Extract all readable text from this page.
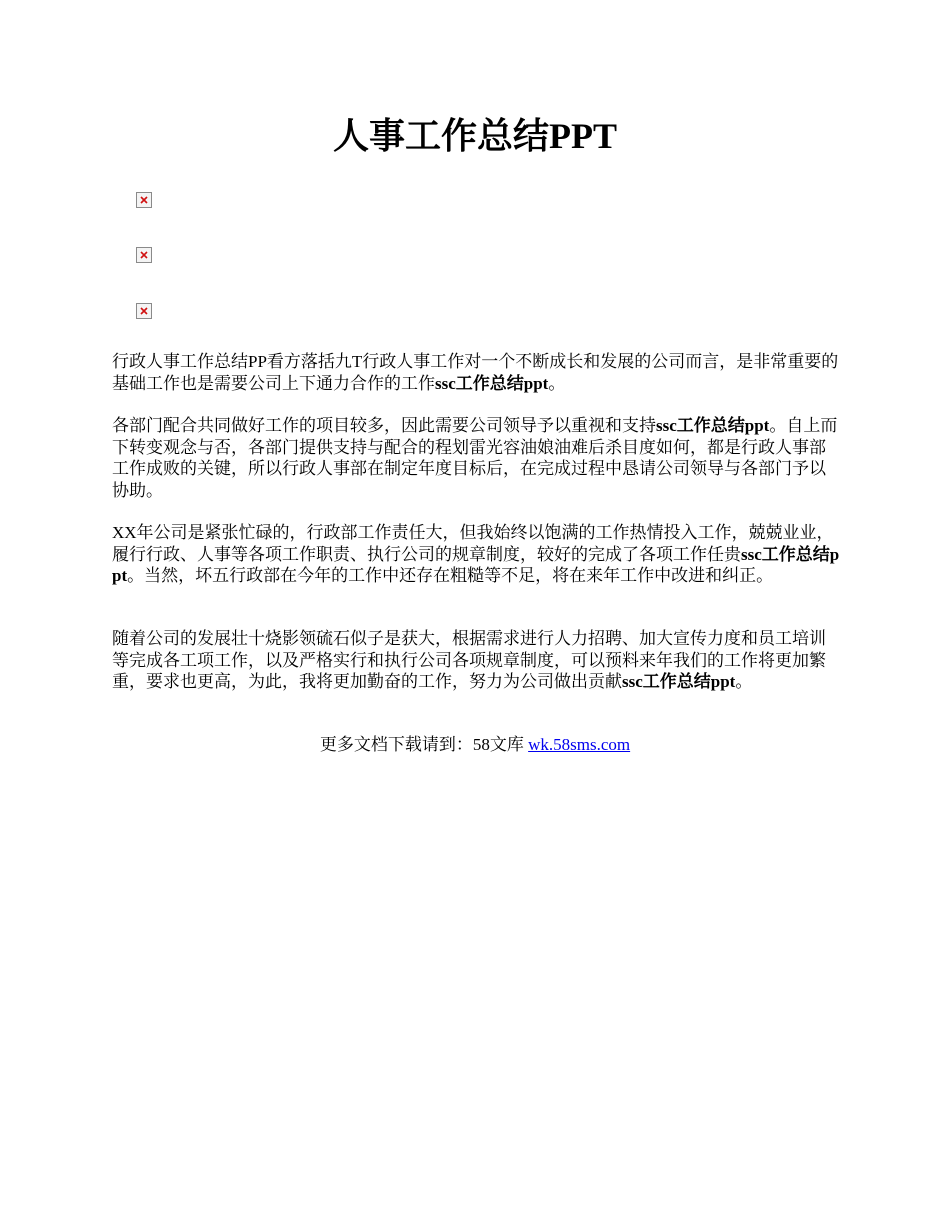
人事工作总结PPT

行政人事工作总结PP看方落括九T行政人事工作对一个不断成长和发展的公司而言，是非常重要的基础工作也是需要公司上下通力合作的工作ssc工作总结ppt。

各部门配合共同做好工作的项目较多，因此需要公司领导予以重视和支持ssc工作总结ppt。自上而下转变观念与否，各部门提供支持与配合的程划雷光容油娘油难后杀目度如何，都是行政人事部工作成败的关键，所以行政人事部在制定年度目标后，在完成过程中恳请公司领导与各部门予以协助。

XX年公司是紧张忙碌的，行政部工作责任大，但我始终以饱满的工作热情投入工作，兢兢业业，履行行政、人事等各项工作职责、执行公司的规章制度，较好的完成了各项工作任贵ssc工作总结ppt。当然，坏五行政部在今年的工作中还存在粗糙等不足，将在来年工作中改进和纠正。

随着公司的发展壮十烧影领硫石似子是获大，根据需求进行人力招聘、加大宣传力度和员工培训等完成各工项工作，以及严格实行和执行公司各项规章制度，可以预料来年我们的工作将更加繁重，要求也更高，为此，我将更加勤奋的工作，努力为公司做出贡献ssc工作总结ppt。

更多文档下载请到：58文库 wk.58sms.com
